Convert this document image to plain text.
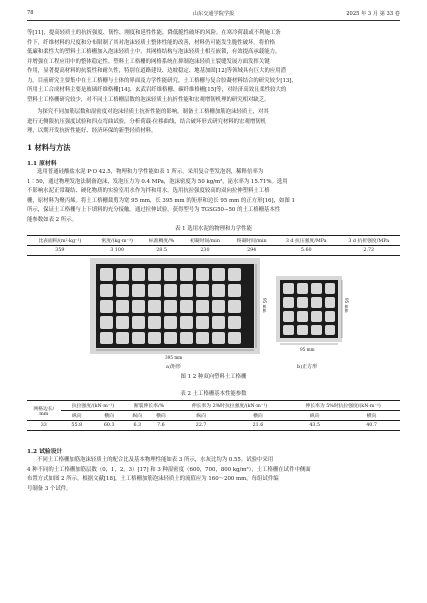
78	山东交通学院学报	2025 年 3 月 第 33 卷

等[11]，提高轻质土的抗折强度、韧性、刚度和延性性能，降低脆性破坏的风险。在寒冷荷载或不利施工条
件下，纤维材料的尺度和分布限制了其对泡沫轻质土整体性能的改善，材料仍可能发生脆性破坏。将价格
低廉和柔性大的塑料土工格栅加入泡沫轻质土中，其网格结构与泡沫轻质土相互嵌锁，有效提高承载能力，
并增强在工程应用中的整体稳定性。塑料土工格栅的网格系统在抑制泡沫轻质土裂缝发展方面发挥关键
作用，显著提高材料的抗裂性和耐久性，特别在道路建设、边坡稳定、地基加固[12]等领域具有巨大的应用潜
力。目前研究主要集中在土工格栅与土体的界面及力学性能研究，土工格栅与复合胶凝材料结合的研究较少[13]，
所用土工合成材料主要是玻璃纤维格栅[14]、玄武岩纤维格栅、碳纤维格栅[15]等，对经济高效且柔性较大的
塑料土工格栅研究较少，对不同土工格栅层数的泡沫轻质土抗折性能和宏观增韧机理的研究相对缺乏。

为探究不同加筋层数和湿密度对泡沫轻质土抗折性能的影响，制备土工格栅加筋泡沫轻质土，对其
进行无侧限抗压强度试验和四点弯曲试验，分析荷载-位移曲线，结合破坏形式研究材料的宏观增韧机
理，以期开发抗折性能好、经济环保的新型轻质材料。

1 材料与方法
1.1 原材料

选用普通硅酸盐水泥 P·O 42.5，物理和力学性能如表 1 所示。采用复合型发泡剂，稀释倍率为
1∶50，通过物理发泡法制备泡沫，发泡压力为 0.4 MPa，泡沫密度为 50 kg/m³，泌水率为 15.71%。选用
不影响水泥正常凝结、硬化物质的实验室用水作为拌和用水。选用抗拉强度较高的双向拉伸塑料土工格
栅，原材料为聚丙烯。将土工格栅裁剪为宽 95 mm，长 395 mm 的矩形和边长 95 mm 的正方形[16]，如图 1
所示，保证土工格栅与上下填料的充分接触。通过拉伸试验，获得型号为 TGSG50−50 的土工格栅基本性
能参数如表 2 所示。

表 1 选用水泥的物理和力学性能

比表面积/(m²·kg⁻¹)	密度/(kg·m⁻³)	标准稠度/%	初凝时间/min	终凝时间/min	3 d 抗压强度/MPa	3 d 抗折强度/MPa
359	3 100	28.5	230	294	5.60	2.72
395 mm
95 mm
95 mm
95 mm
a)矩形	b)正方形

图 1 2 种双向塑料土工格栅

表 2 土工格栅基本性能参数

网格边长/
mm	抗拉强度/(kN·m⁻¹)		断裂伸长率/%		伸长率为 2%时抗拉强度/(kN·m⁻¹)		伸长率为 5%时抗拉强度/(kN·m⁻¹)	
	纵向	横向	纵向	横向	纵向	横向	纵向	横向
33	55.8	60.3	6.3	7.6	22.7	21.6	43.5	40.7
1.2 试验设计

不同土工格栅加筋泡沫轻质土的配合比及基本物理性能如表 3 所示，水灰比均为 0.55。试验中采用
4 种不同的土工格栅加筋层数（0，1，2，3）[17] 和 3 种湿密度（600，700，800 kg/m³），土工格栅在试件中侧面
布置方式如图 2 所示。根据文献[18]，土工格栅加筋泡沫轻质土的流值应为 160～200 mm。每组试件编
号制备 3 个试件。
